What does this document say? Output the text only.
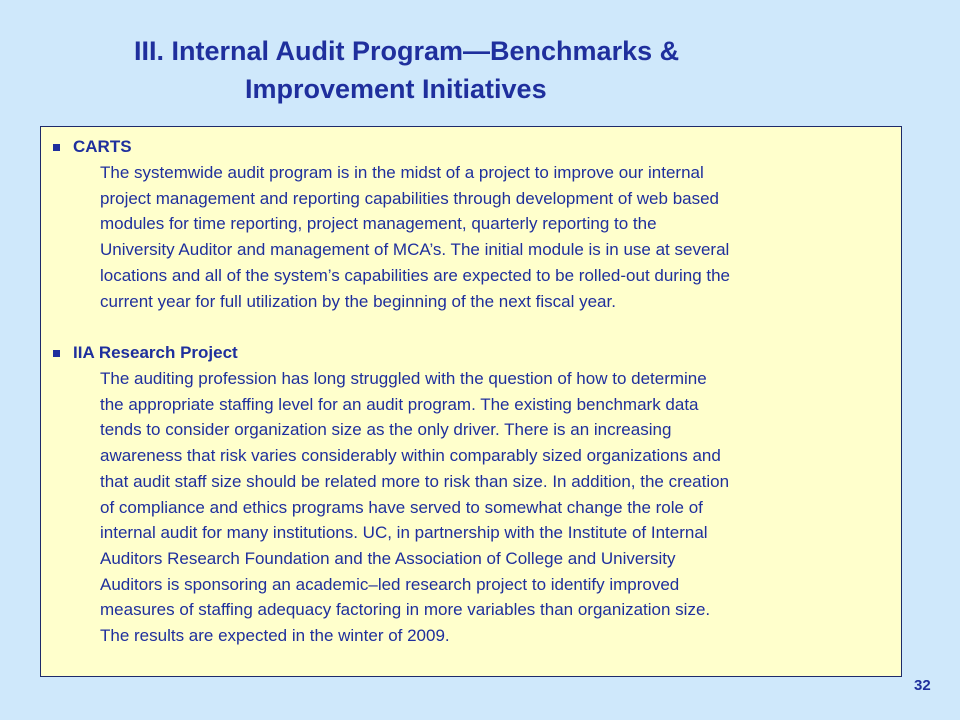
III. Internal Audit Program—Benchmarks &
Improvement Initiatives
CARTS
The systemwide audit program is in the midst of a project to improve our internal
project management and reporting capabilities through development of web based
modules for time reporting, project management, quarterly reporting to the
University Auditor and management of MCA’s. The initial module is in use at several
locations and all of the system’s capabilities are expected to be rolled-out during the
current year for full utilization by the beginning of the next fiscal year.
IIA Research Project
The auditing profession has long struggled with the question of how to determine
the appropriate staffing level for an audit program. The existing benchmark data
tends to consider organization size as the only driver. There is an increasing
awareness that risk varies considerably within comparably sized organizations and
that audit staff size should be related more to risk than size. In addition, the creation
of compliance and ethics programs have served to somewhat change the role of
internal audit for many institutions. UC, in partnership with the Institute of Internal
Auditors Research Foundation and the Association of College and University
Auditors is sponsoring an academic–led research project to identify improved
measures of staffing adequacy factoring in more variables than organization size.
The results are expected in the winter of 2009.
32
